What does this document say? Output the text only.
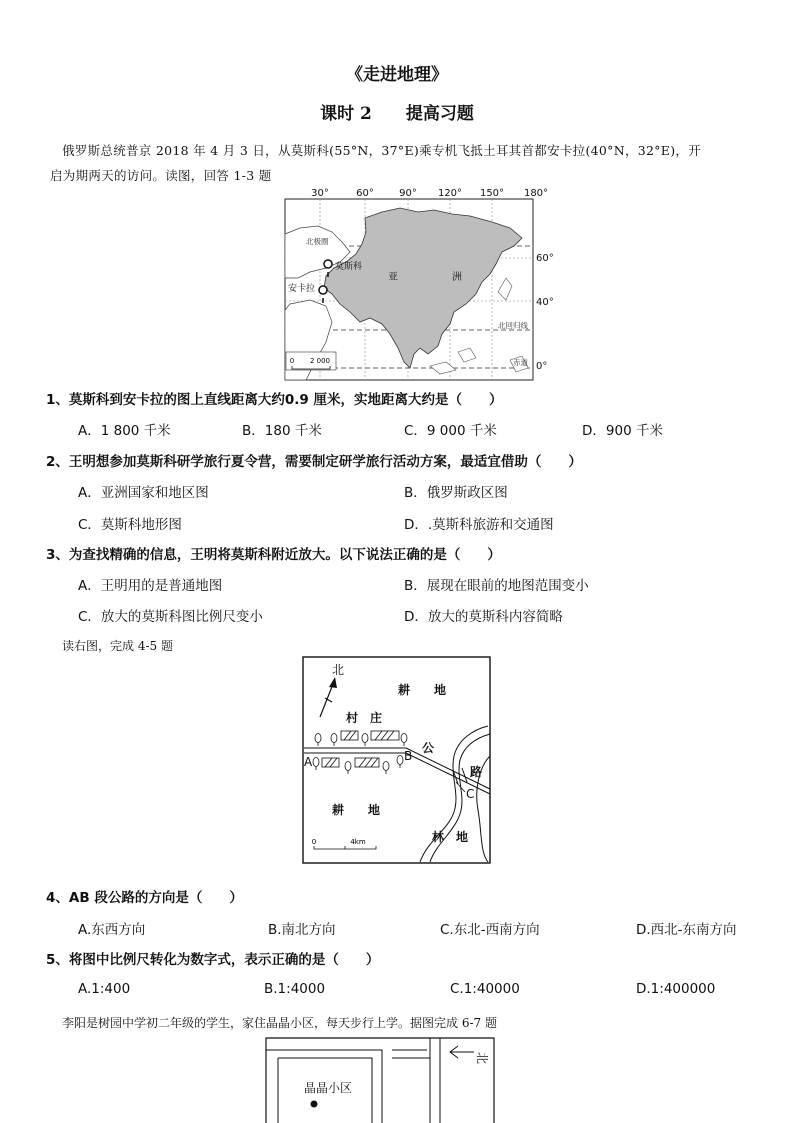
《走进地理》
课时 2　　提高习题
俄罗斯总统普京 2018 年 4 月 3 日，从莫斯科(55°N，37°E)乘专机飞抵土耳其首都安卡拉(40°N，32°E)，开
启为期两天的访问。读图，回答 1-3 题
30°	60°	90° 120° 150° 180°
60°
40°
0°
北极圈
北回归线
赤道
莫斯科
安卡拉
亚	洲
0 2 000
1、莫斯科到安卡拉的图上直线距离大约0.9 厘米，实地距离大约是（　　）
A．1 800 千米	B．180 千米	C．9 000 千米	D．900 千米
2、王明想参加莫斯科研学旅行夏令营，需要制定研学旅行活动方案，最适宜借助（　　）
A．亚洲国家和地区图	B．俄罗斯政区图
C．莫斯科地形图	D．.莫斯科旅游和交通图
3、为查找精确的信息，王明将莫斯科附近放大。以下说法正确的是（　　）
A．王明用的是普通地图	B．展现在眼前的地图范围变小
C．放大的莫斯科图比例尺变小	D．放大的莫斯科内容简略
读右图，完成 4-5 题
北
耕　　地
村　庄
A	B
公
路
C
耕　　地
林　地
0	4km
4、AB 段公路的方向是（　　）
A.东西方向	B.南北方向	C.东北-西南方向	D.西北-东南方向
5、将图中比例尺转化为数字式，表示正确的是（　　）
A.1:400	B.1:4000	C.1:40000	D.1:400000
李阳是树园中学初二年级的学生，家住晶晶小区，每天步行上学。据图完成 6-7 题
北
晶晶小区
